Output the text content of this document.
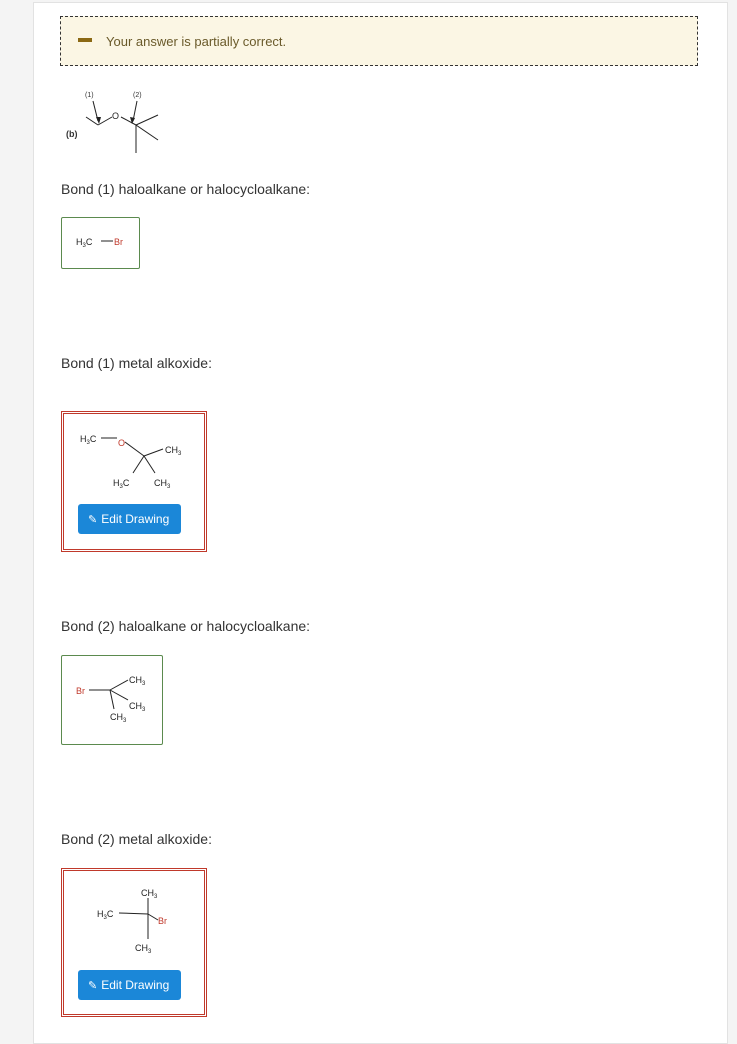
Your answer is partially correct.
(b)
(1)	(2)
O
Bond (1) haloalkane or halocycloalkane:
$H_3C$ Br
Bond (1) metal alkoxide:
$H_3C$ O
$CH_3$
$H_3C$	$CH_3$
✎ Edit Drawing
Bond (2) haloalkane or halocycloalkane:
Br
$CH_3$
$CH_3$
$CH_3$
Bond (2) metal alkoxide:
$CH_3$
$H_3C$
Br
$CH_3$
✎ Edit Drawing
